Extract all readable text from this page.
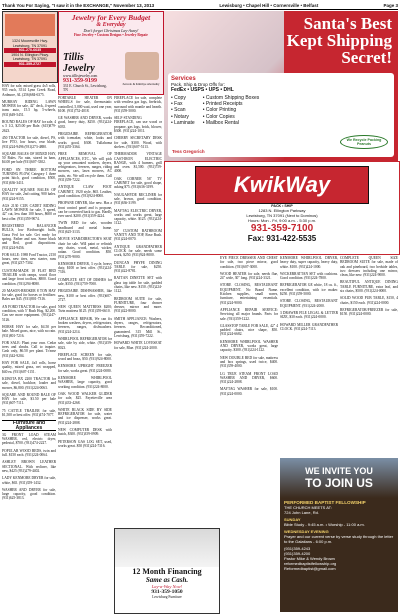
Thank You For Saying, "I saw it in the EXCHANGE," November 13, 2013	Lewisburg • Chapel Hill • Cornersville • Belfast	Page 3
1324 Mooresville Hwy.
Lewisburg, TN 37091
931-270-6635
1904 N. Ellington Pkwy.
Lewisburg, TN 37091
931-359-2727
HAY for sale, mixed grass 4x5 rolls, 935 each, 3514 Lynn Creek Road, Ardmore, AL (256)684-6375.
MURRAY RIDING LAWN MOWER for sale, 42" deck, 4-speed trans auto, 15.5 hp, 5-wheels, (931)649-5451.
ROUND BALES OF HAY for sale, 4 x 5 1/2, $25.00 per Bale. (615)879-2623.
450 TRACTOR for sale, diesel, PS, live PTO, low hours, rear blade, (931)224-9496 (931)273-4880.
SQUARE BALES OF MIXED HAY, 50 Bales. No rain, stored in barn, $4.00 per bale (931)607-3302.
FORD 8N THREE BOTTOM TURNING PLOW, Category 1 three point hitch, good condition, $500, (931)636-3411.
QUALITY SQUARE BALES OF HAY for sale, 2nd cutting, 900 bales. (931)224-9155.
AGS 2130 CUB CADET RIDING LAWN MOWER for sale, 5 speed, 42" cut, less than 100 hours, $600 or best offer. (931)359-9074.
REGISTERED BALANCER BULLS, low Birthweight bulls, Grass Fed for sale. Get ready for spring. Father and son. Some black and Red, good dispositions. (931)224-9456.
FOR SALE: 1988 Ford Tractor, 2150 hours, new tires, new starter, runs great, (931)237-7302.
CUSTOM-MADE 18 FLAT BED TRAILER with ramps, wood floor and large front toolbox, $800. Good condition. (931)294-8080.
20 MASON-BROKER 8 TON HAY for sale, good for horses or fertilizer. Bales are $45. (931)801-7316.
AN FORD TRACTOR for sale, good condition, with 5' Bush Hog, $2,200. Can see more equipment. (931)247-5126.
HORSE HAY for sale, $4.50 per bale. Mixed grass, nice, with no rain. (931)801-7216.
FOR SALE: Plant your own. Cedar trees and shrubs. Call to inquire. Cash only, $6.50 per plant. Tr/ease (931)342-9204.
HAY FOR SALE, 4x5 rolls, horse quality, mixed grass, net wrapped, $40 ea. (931)607-1151.
KUBOTA BX 2200 TRACTOR for sale, diesel, backhoe, loader and mower, $6,800. (931)224-0063.
SQUARE AND ROUND BALE OF HAY for sale, $3.50 per bale (931)607-7111.
75 CATTLE TRAILER for sale, $1,500 or best offer. (931)474-7077.
Furniture and Appliances
3G FRONT LOAD STEAM WASHER, red, electric dryer, pedestal, $700. (931)474-2227.
POPULAR WOOD BEDS, twin and full. $150 each. (931)224-0064.
ASHLEY BROWN LEATHER SECTIONAL. With recliner, like new, $425 (931)279-4402.
LADY KENMORE DRYER for sale, white, $65. (931)359-1432.
WASHER AND DRYER for sale, large capacity, good condition. (931)625-3813.
Jewelry for Every Budget
& Everyday
Don't forget Christmas Lay-Away!
Fine Jewelry • Custom Designs • Jewelry Repair
Tillis Jewelry
www.tillisjewelry.com
931-359-9199
331 E. Church St., Lewisburg, TN
Zerredo & Kimmye Abernathy
PORTABLE HEATER ON WHEELS for sale, thermostatic controlled, 5,000 watt, used one year, $100. (931)752-4018.
GE WASHER AND DRYER, works good, heavy duty, $250. (931)224-6035.
FRIGIDAIRE REFRIGERATOR with icemaker, white, looks and works good, $300. Tullahoma (931)455-3364.
FREE REMOVAL OF APPLIANCES, ETC., We will pick up your unwanted washers, dryers, refrigerators, freezers, ranges, riding mowers, cars, lawn mowers, AC units, etc. We will recycle them. Call (931)359-7222.
ANTIQUE CLAW FOOT CABINET, 1920 style, $65. Leather, good condition. (931)924-8000.
PROPANE DRYER, like new. Has a front control panel and is propane, can be converted back to gas. Hardly ever used. $200. (931)359-4224.
TWIN BED for sale, wooden headboard and metal frame. (931)625-3133.
MOVIE STAR/DIRECTOR'S SEAT chair for sale. Will paint or refinish any chairs, wood, metal, wicker, rattan. Good condition. $50. (931)270-9000.
KENMORE DRYER, 3 cycle, heavy duty, $100 or best offer. (931)224-7316.
COMPLETE SET OF DISHES for sale, $350. (931)759-7000.
FRIGIDAIRE DISHWASHER, like new, $100 or best offer. (931)607-2727.
NEW QUEEN MATTRESS $200; Twin mattress $125. (931)359-6610.
APPLIANCE REPAIR, We can fix broken washers, dryers, refrigerators, freezers, ranges, dishwashers. (931)224-2214.
WHIRLPOOL REFRIGERATOR for sale, side by side, white. (931)359-8023.
FIREPLACE SCREEN for sale, wood and brass, $50. (931)924-8000.
KENMORE UPRIGHT FREEZER for sale, works great. (931)224-0080.
KENMORE WHIRLPOOL WASHER, large capacity, good working condition. (931)224-8000.
OAK WOOD WALKER GLIDER for sale, $25. Fayetteville area (931)433-4268.
WHITE BLACK SIDE BY SIDE REFRIGERATOR for sale, water and ice dispenser, works great. (931)224-2808.
NEW COMPUTER DESK with hutch, $300. (931)359-0909.
PETERSON GAS LOG SET, used, works great. $50 (931)224-7316.
FIREPLACE for sale, complete with ventless gas logs, firebrick, surround with mantle and hearth. (931)359-5000.
SELF-STANDING FIREPLACE, can use wood or propane, gas logs, brick, blower, $300. (931)224-1011.
CHERRY SECRETARY DESK for sale, $300. Wood, with shelves. (931)607-5113.
THERMADOR VINTAGE CAST-IRON ELECTRIC RANGE, with 4 burners, grill and oven. $1,500. (931)759-4000.
OAK CORNER 56" TV CABINET for sale, good shape, asking $75. (931)636-3199.
NAUGAHYDE RECLINER for sale, brown, good condition. (931)636-3199.
MAYTAG ELECTRIC DRYER, works and works great, large capacity, white. $125. (931)224-1122.
50" CUSTOM BATHROOM VANITY AND TOP, Rose Bush. (931)224-0070.
ANTIQUE GRANDFATHER CLOCK for sale, needs some work, $250. (931)924-8000.
DUNCAN PHYFE DINING TABLE for sale, $250. (931)422-8781.
RATTAN DINETTE SET with glass top table for sale, padded chairs, like new. $150. (931)224-1122.
BEDROOM SUITE for sale, FURNITURE, four drawer dresser, mirror and more. (931)422-8000.
SMITH APPLIANCE: Washers, dryers, ranges, refrigerators, freezers. Reconditioned, guaranteed. 315 Mill St., Lewisburg. (931)359-7222.
HOWARD WHITE LOVESEAT for sale, Blue. (931)224-2000.
12 Month Financing
Same as Cash.
Lay-a-Way Now!
931-359-1050
Lewisburg Furniture
Santa's Best
Kept Shipping
Secret!
Services
Pack, Ship & Drop Offs for:
FedEx • USPS • UPS • DHL
• Copy
• Fax
• Scan
• Notary
• Laminate
• Custom Shipping Boxes
• Printed Receipts
• Color Printing
• Color Copies
• Mailbox Rental
Tess Gregorich
We Recycle Packing Peanuts
KwikWay
PACK • SHIP
1283 N. Ellington Parkway
Lewisburg, TN 37091 (Next to Dominos)
Hours: Mon - Fri, 9:00 a.m. - 5:30 p.m.
931-359-7100
Fax: 931-422-5535
EYE PIECE DRESSER AND CHEST for sale, two piece mirror, good condition. (931)607-3000.
WOOD HEATER for sale, needs flue, 24" wide, 30" long. (931)224-3321.
STORE CLOSING, RESTAURANT EQUIPMENT. No Brand Name. Kitchen supplies, small wares, furniture, entertaining essentials. (931)224-9000.
APPLIANCE REPAIR SERVICE: Servicing all major brands. Parts for sale. (931)359-1222.
GLASSTOP TABLE FOR SALE, 42" 4 padded chairs, nice shape, $50. (931)224-6682.
KENMORE WHIRLPOOL WASHER AND DRYER, works great, large capacity. $300. (931)224-1122.
NEW DOUBLE BED for sale, mattress and box springs, used twice, $400. (931)359-4000.
LG TRUE STEAM FRONT LOAD WASHER AND DRYER, $600. (931)224-2808.
MAYTAG WASHER for sale, $100. (931)224-0000.
KENMORE WHIRLPOOL DRYER, heavy duty, super capacity, heavy duty, white. $100. (931)224-1000.
WICKERRATTAN SET with cushions. Good condition. (931)224-7800.
REFRIGERATOR GE white, 18 cu. ft., excellent condition, with ice maker. $250. (931)359-5000.
STORE CLOSING, RESTAURANT EQUIPMENT. (931)224-2000.
3 DRAWER FILE LEGAL & LETTER SIZE, $30 each. (931)224-0000.
HOWARD MILLER GRANDFATHER CLOCK. (931)224-7113.
COMPLETE QUEEN SIZE BEDROOM SUITE for sale, made of oak and pineboard, two bedside tables, two dressers including one mirror, clean, like new. (931)224-9000.
BEAUTIFUL ANTIQUE DINING TABLE FURNITURE, extra leaf, and six chairs, $500. (931)224-0000.
SOLID WOOD PUB TABLE, $150, 4 chairs, $150 each. (931)224-0000.
REFRIGERATOR/FREEZER for sale, $150. (931)224-0000.
WE INVITE YOU
TO JOIN US
PERFORMED BAPTIST FELLOWSHIP
THE CHURCH MEETS AT:
724 John Lane, Rd.
SUNDAY
Bible Study - 9:45 a.m. • Worship - 11:00 a.m.
WEDNESDAY EVENING
Prayer and our current verse by verse study through the letter to the Galatians - 6:00 p.m.
(931)359-4243
(931)359-4200
Pastor Mike & Wendy Brown
reformedbaptistfellowship.org
Reformedbaptist@gmail.com
